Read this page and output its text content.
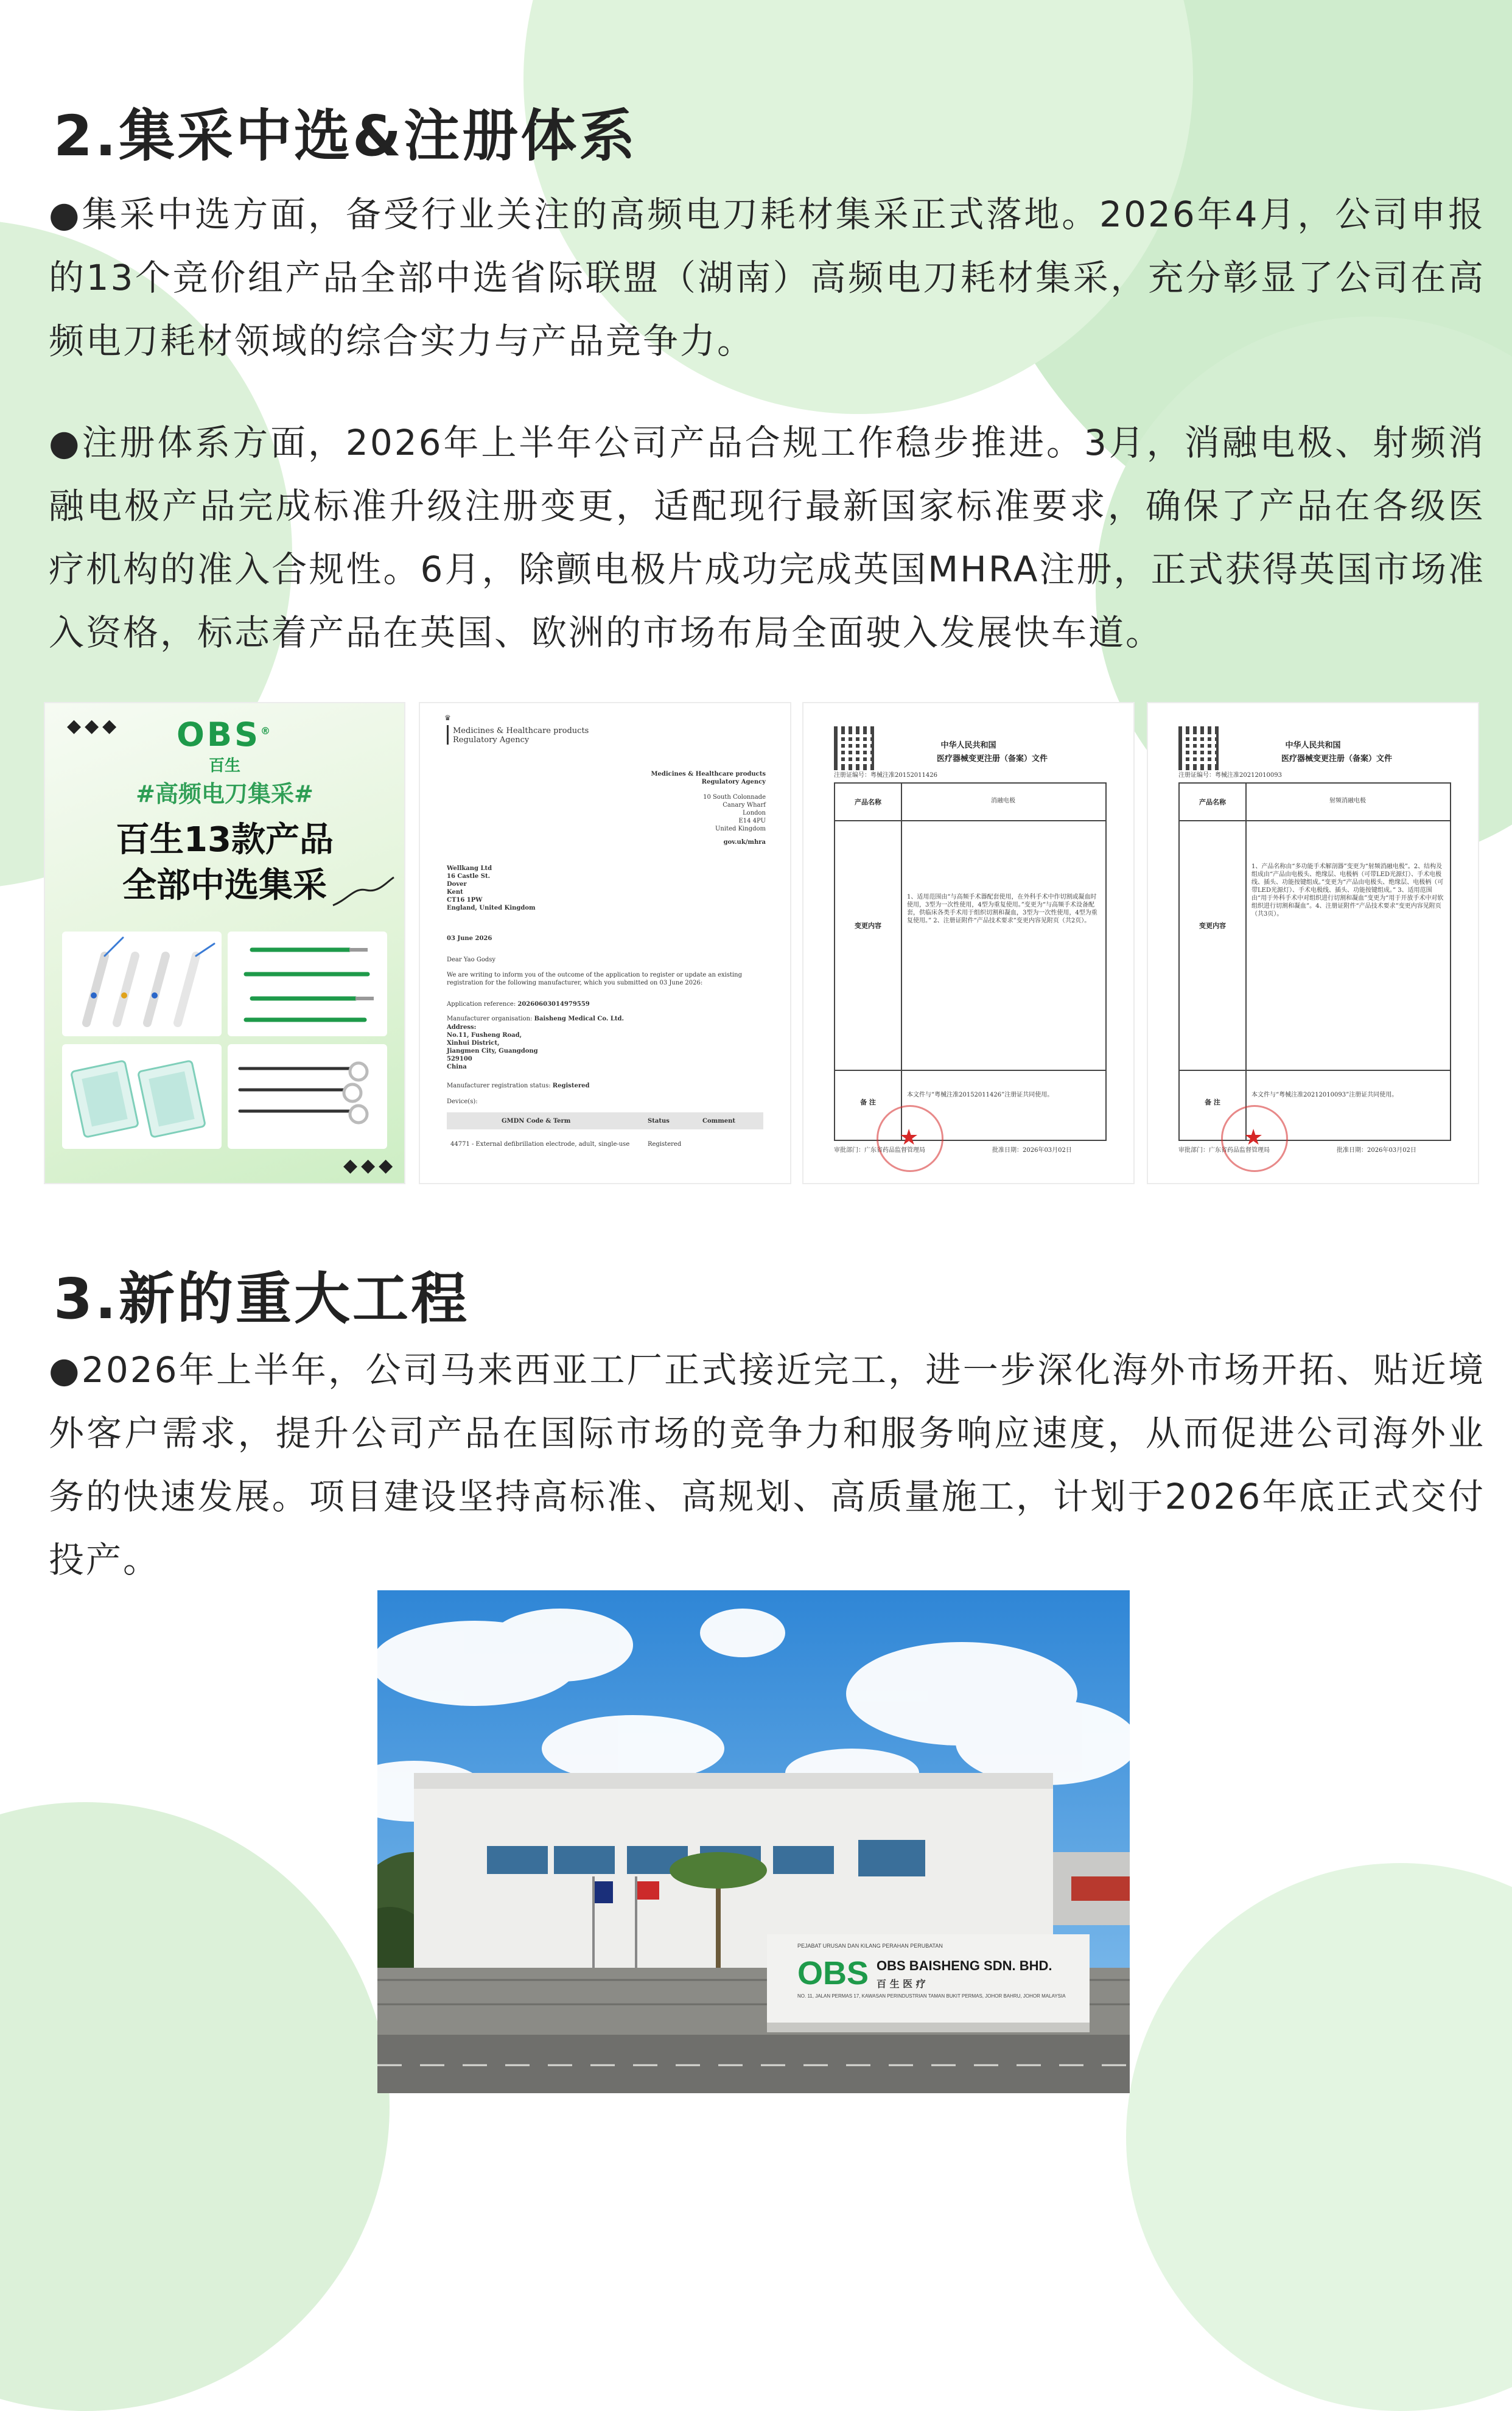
2.集采中选&注册体系

●集采中选方面，备受行业关注的高频电刀耗材集采正式落地。2026年4月，公司申报的13个竞价组产品全部中选省际联盟（湖南）高频电刀耗材集采，充分彰显了公司在高频电刀耗材领域的综合实力与产品竞争力。

●注册体系方面，2026年上半年公司产品合规工作稳步推进。3月，消融电极、射频消融电极产品完成标准升级注册变更，适配现行最新国家标准要求，确保了产品在各级医疗机构的准入合规性。6月，除颤电极片成功完成英国MHRA注册，正式获得英国市场准入资格，标志着产品在英国、欧洲的市场布局全面驶入发展快车道。

◆◆◆	OBS®
百生
#高频电刀集采#
百生13款产品
全部中选集采
◆◆◆
♛
Medicines & Healthcare products
Regulatory Agency
Medicines & Healthcare products
Regulatory Agency
10 South Colonnade
Canary Wharf
London
E14 4PU
United Kingdom
gov.uk/mhra
Wellkang Ltd
16 Castle St.
Dover
Kent
CT16 1PW
England, United Kingdom
03 June 2026
Dear Yao Godsy
We are writing to inform you of the outcome of the application to register or update an existing registration for the following manufacturer, which you submitted on 03 June 2026:
Application reference: 20260603014979559
Manufacturer organisation: Baisheng Medical Co. Ltd.
Address:
No.11, Fusheng Road,
Xinhui District,
Jiangmen City, Guangdong
529100
China
Manufacturer registration status: Registered
Device(s):
GMDN Code & Term	Status	Comment
44771 - External defibrillation electrode, adult, single-use	Registered
中华人民共和国
医疗器械变更注册（备案）文件
注册证编号：粤械注准20152011426
产品名称	消融电极
变更内容
1、适用范围由“与高频手术器配套使用，在外科手术中作切割或凝血时使用，3型为一次性使用，4型为重复使用。”变更为“与高频手术设备配套，供临床各类手术用于组织切割和凝血，3型为一次性使用，4型为重复使用。” 2、注册证附件“产品技术要求”变更内容见附页（共2页）。
备 注
本文件与“粤械注准20152011426”注册证共同使用。
审批部门：广东省药品监督管理局	批准日期：2026年03月02日
★
中华人民共和国
医疗器械变更注册（备案）文件
注册证编号：粤械注准20212010093
产品名称	射频消融电极
变更内容
1、产品名称由“多功能手术解剖器”变更为“射频消融电极”。2、结构及组成由“产品由电极头、绝缘层、电极柄（可带LED光源灯）、手术电极线、插头、功能按键组成。”变更为“产品由电极头、绝缘层、电极柄（可带LED光源灯）、手术电极线、插头、功能按键组成。” 3、适用范围由“用于外科手术中对组织进行切割和凝血”变更为“用于开放手术中对软组织进行切割和凝血”。4、注册证附件“产品技术要求”变更内容见附页（共3页）。
备 注
本文件与“粤械注准20212010093”注册证共同使用。
审批部门：广东省药品监督管理局	批准日期：2026年03月02日
★
3.新的重大工程

●2026年上半年，公司马来西亚工厂正式接近完工，进一步深化海外市场开拓、贴近境外客户需求，提升公司产品在国际市场的竞争力和服务响应速度，从而促进公司海外业务的快速发展。项目建设坚持高标准、高规划、高质量施工，计划于2026年底正式交付投产。

PEJABAT URUSAN DAN KILANG PERAHAN PERUBATAN
OBS OBS BAISHENG SDN. BHD.
百 生 医 疗
NO. 11, JALAN PERMAS 17, KAWASAN PERINDUSTRIAN TAMAN BUKIT PERMAS, JOHOR BAHRU, JOHOR MALAYSIA
